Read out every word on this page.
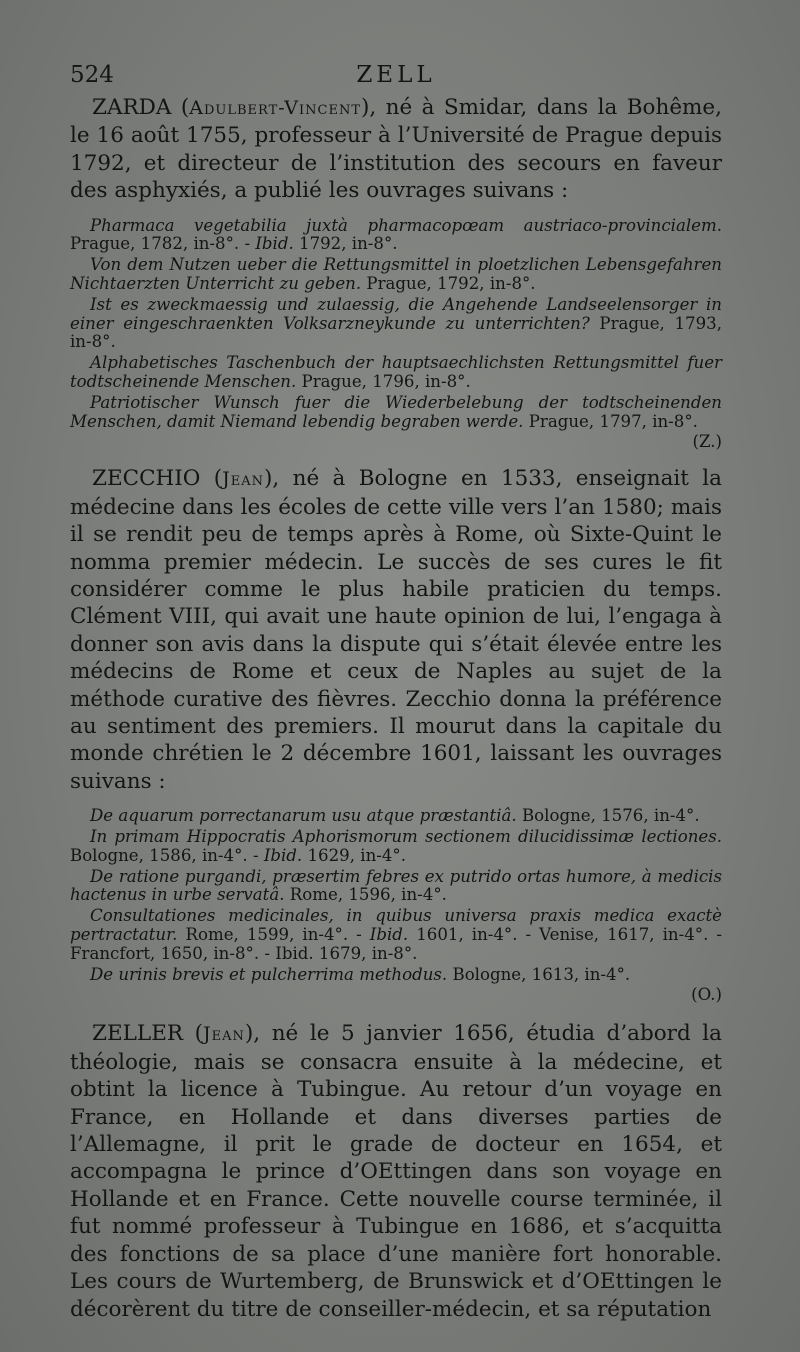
524	ZELL

ZARDA (Adulbert-Vincent), né à Smidar, dans la Bohême, le 16 août 1755, professeur à l’Université de Prague depuis 1792, et directeur de l’institution des secours en faveur des asphyxiés, a publié les ouvrages suivans :

Pharmaca vegetabilia juxtà pharmacopœam austriaco-provincialem. Prague, 1782, in-8°. - Ibid. 1792, in-8°.

Von dem Nutzen ueber die Rettungsmittel in ploetzlichen Lebensgefahren Nichtaerzten Unterricht zu geben. Prague, 1792, in-8°.

Ist es zweckmaessig und zulaessig, die Angehende Landseelensorger in einer eingeschraenkten Volksarzneykunde zu unterrichten? Prague, 1793, in-8°.

Alphabetisches Taschenbuch der hauptsaechlichsten Rettungsmittel fuer todtscheinende Menschen. Prague, 1796, in-8°.

Patriotischer Wunsch fuer die Wiederbelebung der todtscheinenden Menschen, damit Niemand lebendig begraben werde. Prague, 1797, in-8°.

(Z.)

ZECCHIO (Jean), né à Bologne en 1533, enseignait la médecine dans les écoles de cette ville vers l’an 1580; mais il se rendit peu de temps après à Rome, où Sixte-Quint le nomma premier médecin. Le succès de ses cures le fit considérer comme le plus habile praticien du temps. Clément VIII, qui avait une haute opinion de lui, l’engaga à donner son avis dans la dispute qui s’était élevée entre les médecins de Rome et ceux de Naples au sujet de la méthode curative des fièvres. Zecchio donna la préférence au sentiment des premiers. Il mourut dans la capitale du monde chrétien le 2 décembre 1601, laissant les ouvrages suivans :

De aquarum porrectanarum usu atque præstantiâ. Bologne, 1576, in-4°.

In primam Hippocratis Aphorismorum sectionem dilucidissimæ lectiones. Bologne, 1586, in-4°. - Ibid. 1629, in-4°.

De ratione purgandi, præsertim febres ex putrido ortas humore, à medicis hactenus in urbe servatâ. Rome, 1596, in-4°.

Consultationes medicinales, in quibus universa praxis medica exactè pertractatur. Rome, 1599, in-4°. - Ibid. 1601, in-4°. - Venise, 1617, in-4°. - Francfort, 1650, in-8°. - Ibid. 1679, in-8°.

De urinis brevis et pulcherrima methodus. Bologne, 1613, in-4°.

(O.)

ZELLER (Jean), né le 5 janvier 1656, étudia d’abord la théologie, mais se consacra ensuite à la médecine, et obtint la licence à Tubingue. Au retour d’un voyage en France, en Hollande et dans diverses parties de l’Allemagne, il prit le grade de docteur en 1654, et accompagna le prince d’OEttingen dans son voyage en Hollande et en France. Cette nouvelle course terminée, il fut nommé professeur à Tubingue en 1686, et s’acquitta des fonctions de sa place d’une manière fort honorable. Les cours de Wurtemberg, de Brunswick et d’OEttingen le décorèrent du titre de conseiller-médecin, et sa réputation
